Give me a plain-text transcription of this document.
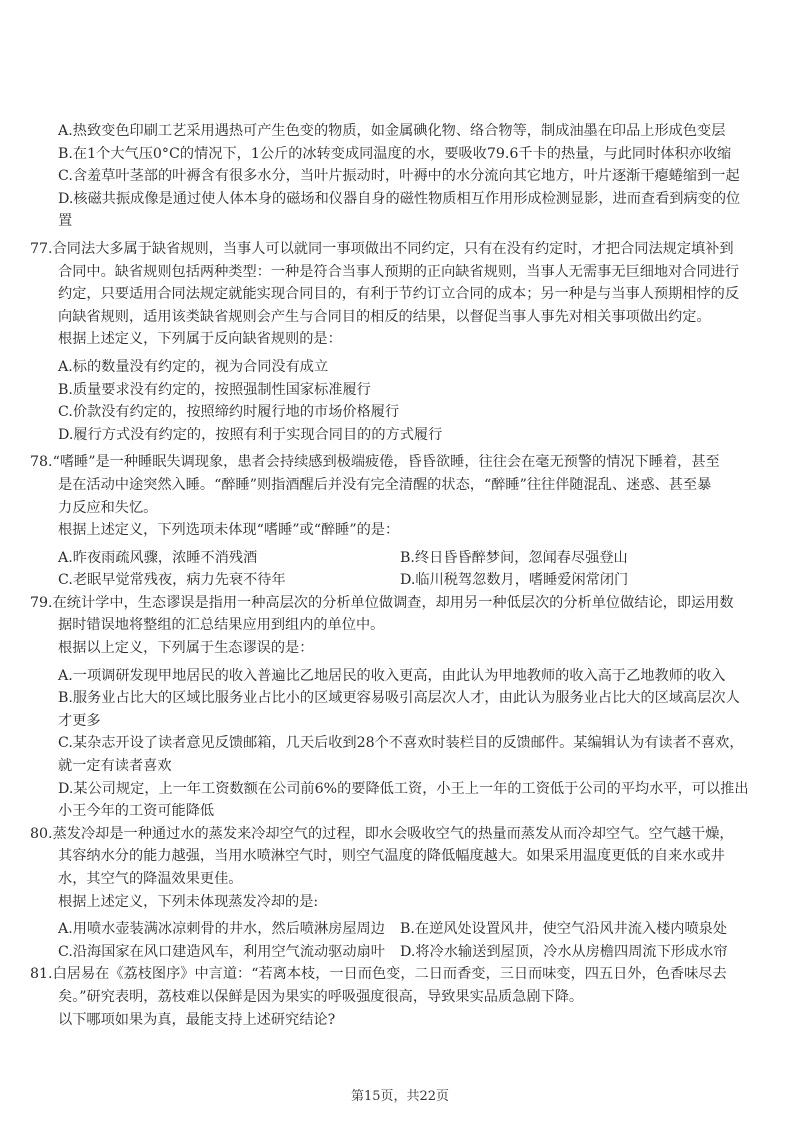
A.热致变色印刷工艺采用遇热可产生色变的物质，如金属碘化物、络合物等，制成油墨在印品上形成色变层
B.在1个大气压0°C的情况下，1公斤的冰转变成同温度的水，要吸收79.6千卡的热量，与此同时体积亦收缩
C.含羞草叶茎部的叶褥含有很多水分，当叶片振动时，叶褥中的水分流向其它地方，叶片逐渐干瘪蜷缩到一起
D.核磁共振成像是通过使人体本身的磁场和仪器自身的磁性物质相互作用形成检测显影，进而查看到病变的位
置
77.合同法大多属于缺省规则，当事人可以就同一事项做出不同约定，只有在没有约定时，才把合同法规定填补到
合同中。缺省规则包括两种类型：一种是符合当事人预期的正向缺省规则，当事人无需事无巨细地对合同进行
约定，只要适用合同法规定就能实现合同目的，有利于节约订立合同的成本；另一种是与当事人预期相悖的反
向缺省规则，适用该类缺省规则会产生与合同目的相反的结果，以督促当事人事先对相关事项做出约定。
根据上述定义，下列属于反向缺省规则的是：
A.标的数量没有约定的，视为合同没有成立
B.质量要求没有约定的，按照强制性国家标准履行
C.价款没有约定的，按照缔约时履行地的市场价格履行
D.履行方式没有约定的，按照有利于实现合同目的的方式履行
78.“嗜睡”是一种睡眠失调现象，患者会持续感到极端疲倦，昏昏欲睡，往往会在毫无预警的情况下睡着，甚至
是在活动中途突然入睡。“醉睡”则指酒醒后并没有完全清醒的状态，“醉睡”往往伴随混乱、迷惑、甚至暴
力反应和失忆。
根据上述定义，下列选项未体现“嗜睡”或“醉睡”的是：
A.昨夜雨疏风骤，浓睡不消残酒	B.终日昏昏醉梦间，忽闻春尽强登山
C.老眠早觉常残夜，病力先衰不待年	D.临川税驾忽数月，嗜睡爱闲常闭门
79.在统计学中，生态谬误是指用一种高层次的分析单位做调查，却用另一种低层次的分析单位做结论，即运用数
据时错误地将整组的汇总结果应用到组内的单位中。
根据以上定义，下列属于生态谬误的是：
A.一项调研发现甲地居民的收入普遍比乙地居民的收入更高，由此认为甲地教师的收入高于乙地教师的收入
B.服务业占比大的区域比服务业占比小的区域更容易吸引高层次人才，由此认为服务业占比大的区域高层次人
才更多
C.某杂志开设了读者意见反馈邮箱，几天后收到28个不喜欢时装栏目的反馈邮件。某编辑认为有读者不喜欢，
就一定有读者喜欢
D.某公司规定，上一年工资数额在公司前6%的要降低工资，小王上一年的工资低于公司的平均水平，可以推出
小王今年的工资可能降低
80.蒸发冷却是一种通过水的蒸发来冷却空气的过程，即水会吸收空气的热量而蒸发从而冷却空气。空气越干燥，
其容纳水分的能力越强，当用水喷淋空气时，则空气温度的降低幅度越大。如果采用温度更低的自来水或井
水，其空气的降温效果更佳。
根据上述定义，下列未体现蒸发冷却的是:
A.用喷水壶装满冰凉刺骨的井水，然后喷淋房屋周边	B.在逆风处设置风井，使空气沿风井流入楼内喷泉处
C.沿海国家在风口建造风车，利用空气流动驱动扇叶	D.将冷水输送到屋顶，冷水从房檐四周流下形成水帘
81.白居易在《荔枝图序》中言道：“若离本枝，一日而色变，二日而香变，三日而味变，四五日外，色香味尽去
矣。”研究表明，荔枝难以保鲜是因为果实的呼吸强度很高，导致果实品质急剧下降。
以下哪项如果为真，最能支持上述研究结论?
第15页，共22页
